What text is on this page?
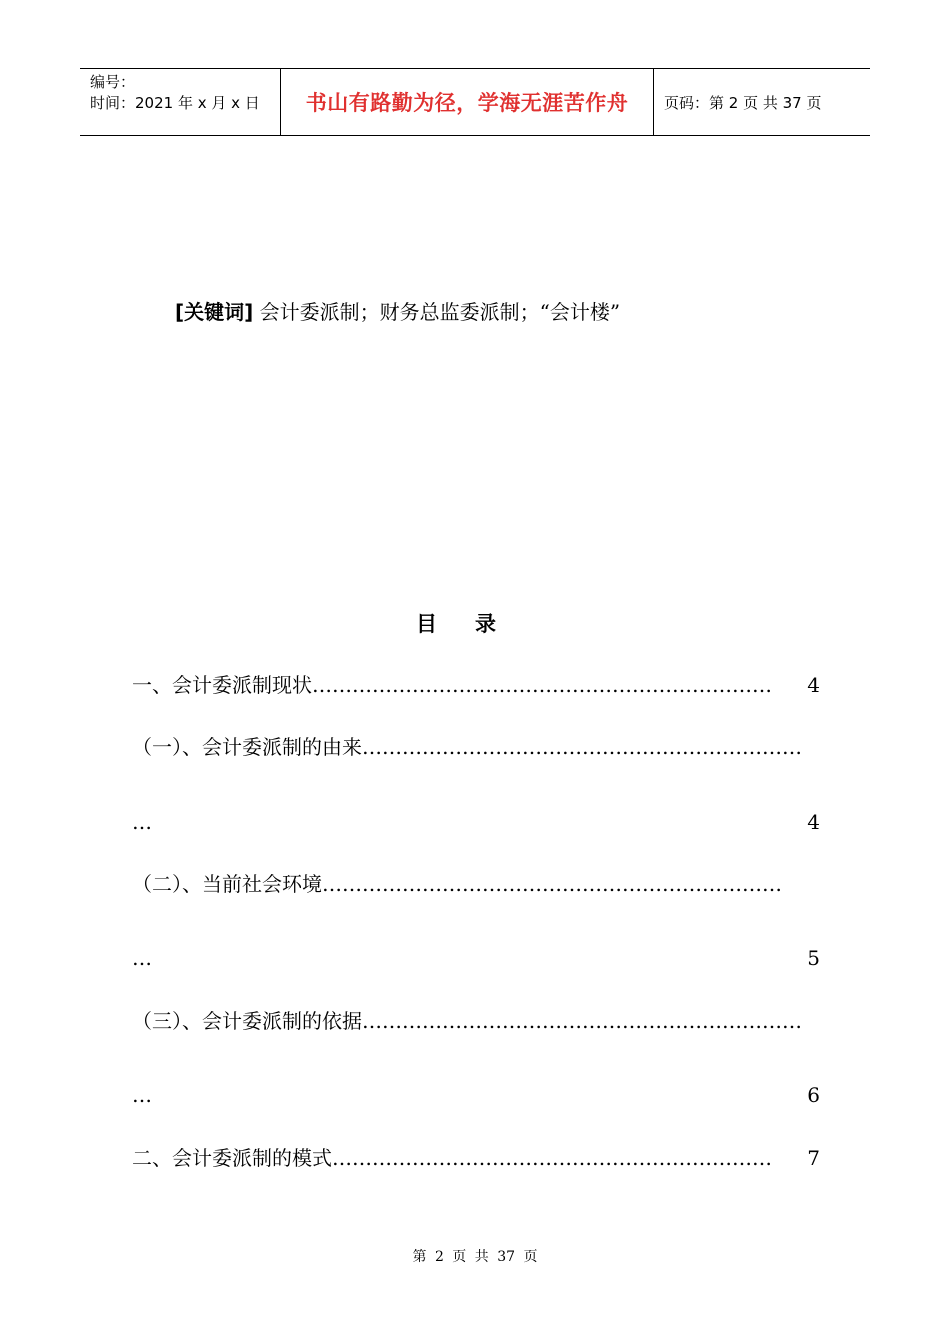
编号：
时间：2021 年 x 月 x 日	书山有路勤为径，学海无涯苦作舟 页码：第 2 页 共 37 页
[关键词] 会计委派制；财务总监委派制；“会计楼”
目录
一、会计委派制现状…………………………………………………………… 4
（一）、会计委派制的由来…………………………………………………………
…	4
（二）、当前社会环境……………………………………………………………
…	5
（三）、会计委派制的依据…………………………………………………………
…	6
二、会计委派制的模式………………………………………………………… 7
第 2 页 共 37 页
